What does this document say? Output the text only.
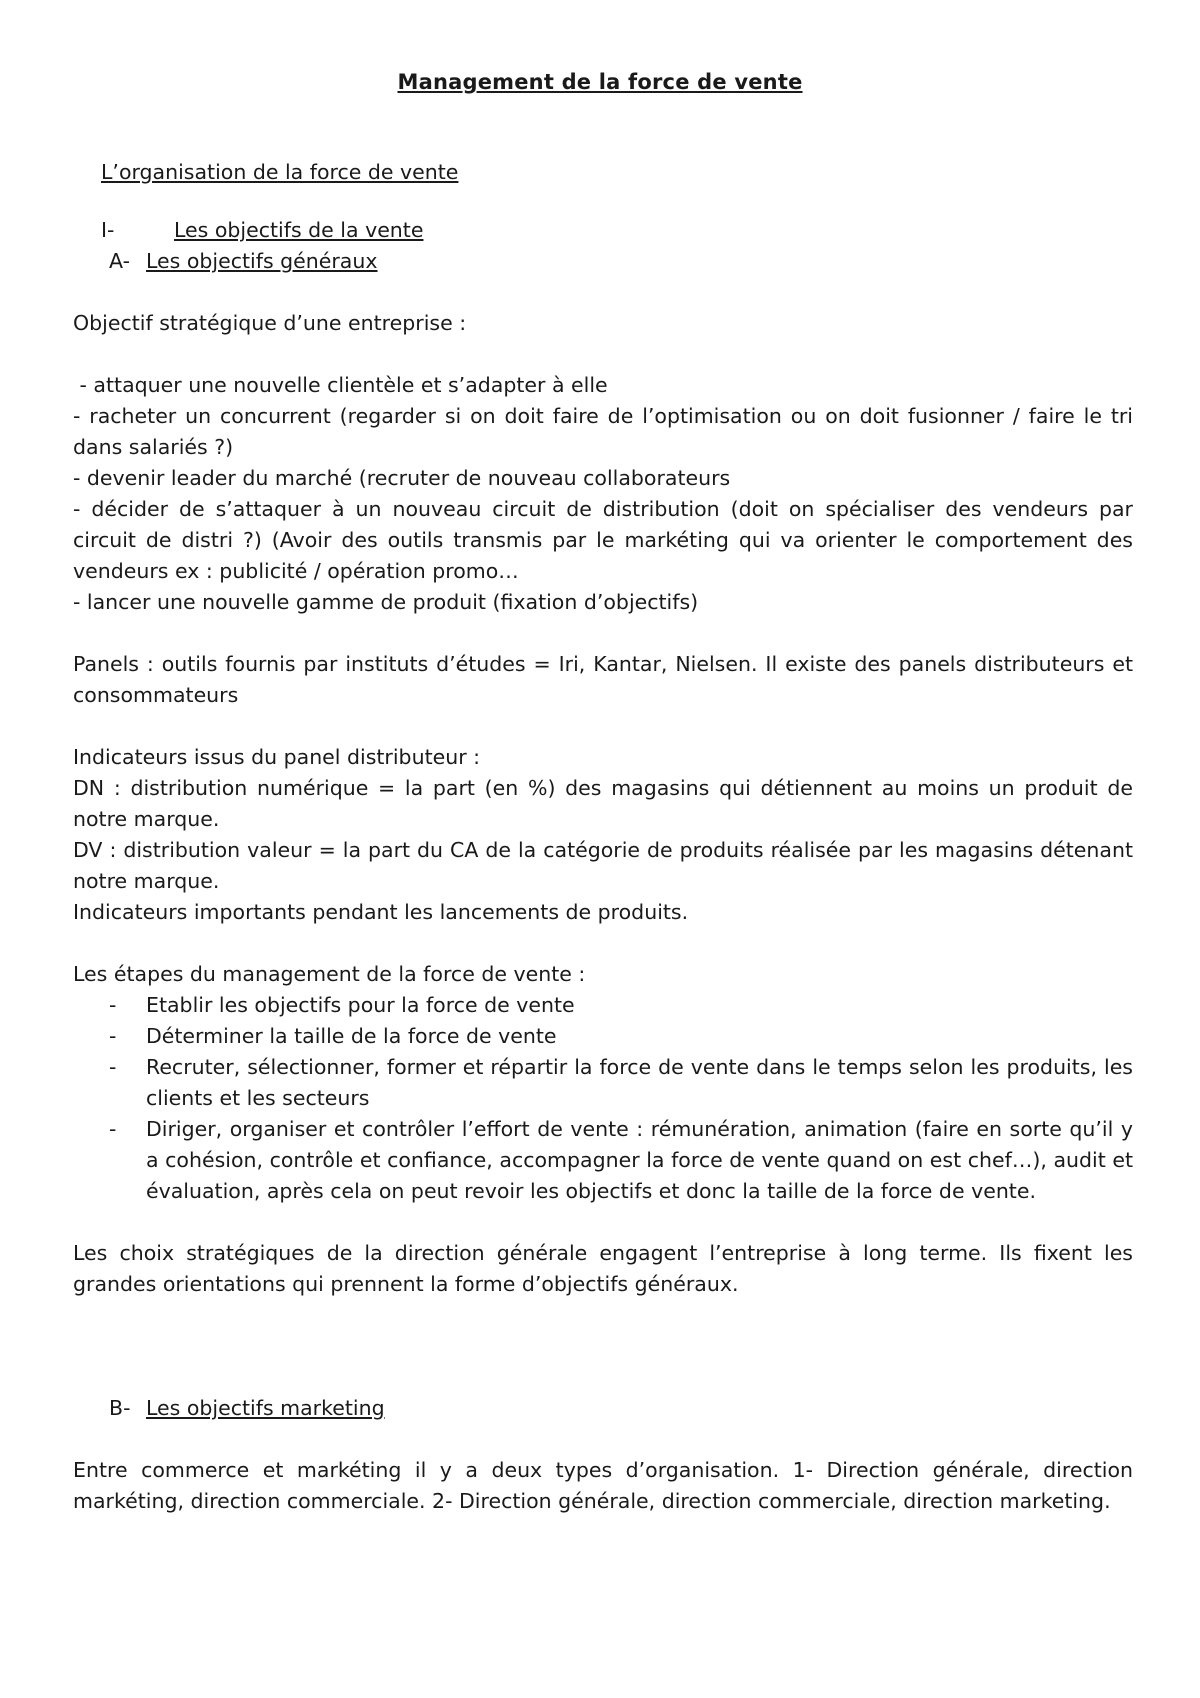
Management de la force de vente
L’organisation de la force de vente
I-	Les objectifs de la vente
A- Les objectifs généraux

Objectif stratégique d’une entreprise :

- attaquer une nouvelle clientèle et s’adapter à elle

- racheter un concurrent (regarder si on doit faire de l’optimisation ou on doit fusionner / faire le tri dans salariés ?)

- devenir leader du marché (recruter de nouveau collaborateurs

- décider de s’attaquer à un nouveau circuit de distribution (doit on spécialiser des vendeurs par circuit de distri ?) (Avoir des outils transmis par le markéting qui va orienter le comportement des vendeurs ex : publicité / opération promo…

- lancer une nouvelle gamme de produit (fixation d’objectifs)

Panels : outils fournis par instituts d’études = Iri, Kantar, Nielsen. Il existe des panels distributeurs et consommateurs

Indicateurs issus du panel distributeur :

DN : distribution numérique = la part (en %) des magasins qui détiennent au moins un produit de notre marque.

DV : distribution valeur = la part du CA de la catégorie de produits réalisée par les magasins détenant notre marque.

Indicateurs importants pendant les lancements de produits.

Les étapes du management de la force de vente :

- Etablir les objectifs pour la force de vente
- Déterminer la taille de la force de vente
- Recruter, sélectionner, former et répartir la force de vente dans le temps selon les produits, les clients et les secteurs
- Diriger, organiser et contrôler l’effort de vente : rémunération, animation (faire en sorte qu’il y a cohésion, contrôle et confiance, accompagner la force de vente quand on est chef…), audit et évaluation, après cela on peut revoir les objectifs et donc la taille de la force de vente.

Les choix stratégiques de la direction générale engagent l’entreprise à long terme. Ils fixent les grandes orientations qui prennent la forme d’objectifs généraux.

B- Les objectifs marketing

Entre commerce et markéting il y a deux types d’organisation. 1- Direction générale, direction markéting, direction commerciale. 2- Direction générale, direction commerciale, direction marketing.
